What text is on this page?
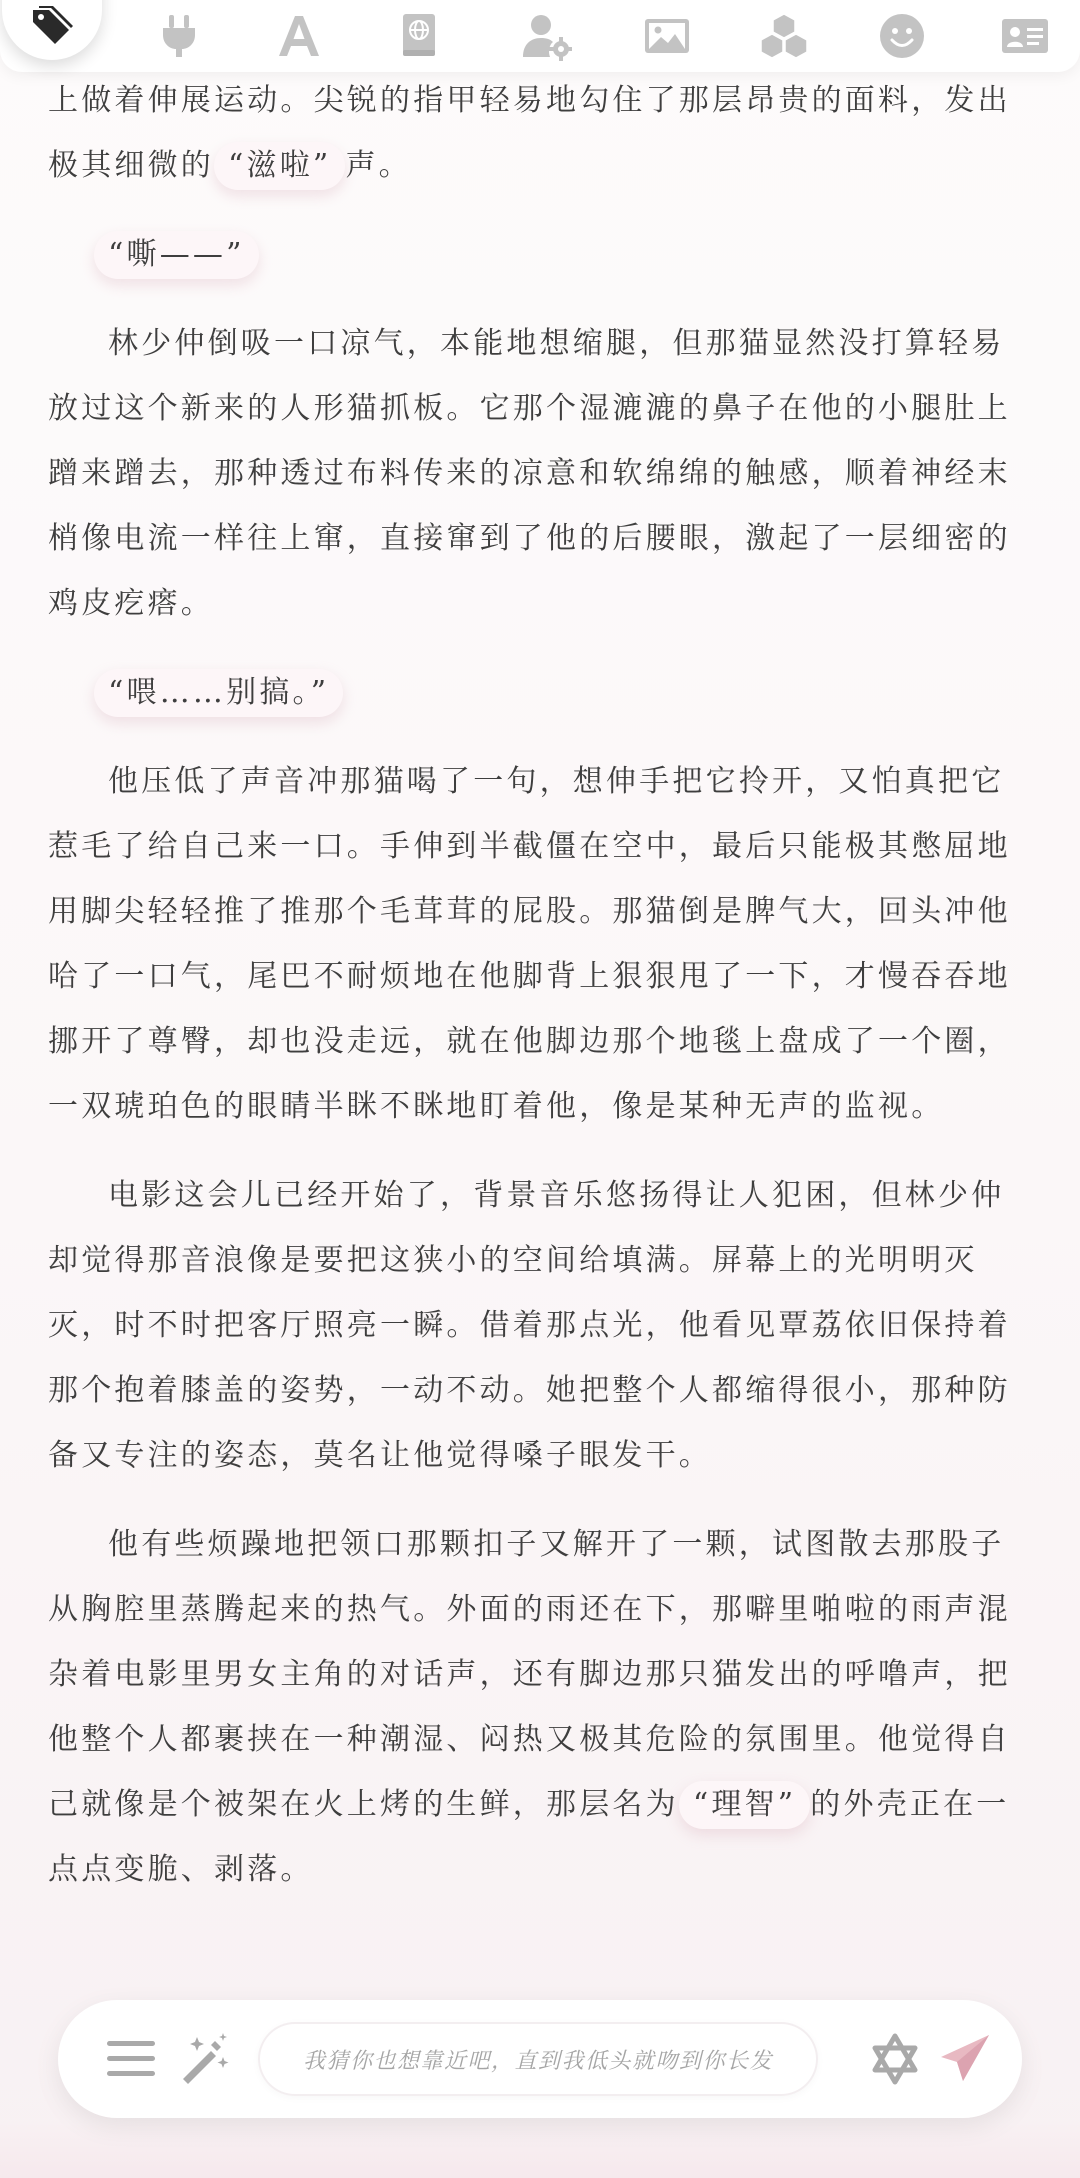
上做着伸展运动。尖锐的指甲轻易地勾住了那层昂贵的面料，发出极其细微的 “滋啦” 声。

“嘶——”

林少仲倒吸一口凉气，本能地想缩腿，但那猫显然没打算轻易放过这个新来的人形猫抓板。它那个湿漉漉的鼻子在他的小腿肚上蹭来蹭去，那种透过布料传来的凉意和软绵绵的触感，顺着神经末梢像电流一样往上窜，直接窜到了他的后腰眼，激起了一层细密的鸡皮疙瘩。

“喂……别搞。”

他压低了声音冲那猫喝了一句，想伸手把它拎开，又怕真把它惹毛了给自己来一口。手伸到半截僵在空中，最后只能极其憋屈地用脚尖轻轻推了推那个毛茸茸的屁股。那猫倒是脾气大，回头冲他哈了一口气，尾巴不耐烦地在他脚背上狠狠甩了一下，才慢吞吞地挪开了尊臀，却也没走远，就在他脚边那个地毯上盘成了一个圈，一双琥珀色的眼睛半眯不眯地盯着他，像是某种无声的监视。

电影这会儿已经开始了，背景音乐悠扬得让人犯困，但林少仲却觉得那音浪像是要把这狭小的空间给填满。屏幕上的光明明灭灭，时不时把客厅照亮一瞬。借着那点光，他看见覃荔依旧保持着那个抱着膝盖的姿势，一动不动。她把整个人都缩得很小，那种防备又专注的姿态，莫名让他觉得嗓子眼发干。

他有些烦躁地把领口那颗扣子又解开了一颗，试图散去那股子从胸腔里蒸腾起来的热气。外面的雨还在下，那噼里啪啦的雨声混杂着电影里男女主角的对话声，还有脚边那只猫发出的呼噜声，把他整个人都裹挟在一种潮湿、闷热又极其危险的氛围里。他觉得自己就像是个被架在火上烤的生鲜，那层名为 “理智” 的外壳正在一点点变脆、剥落。

我猜你也想靠近吧，直到我低头就吻到你长发
